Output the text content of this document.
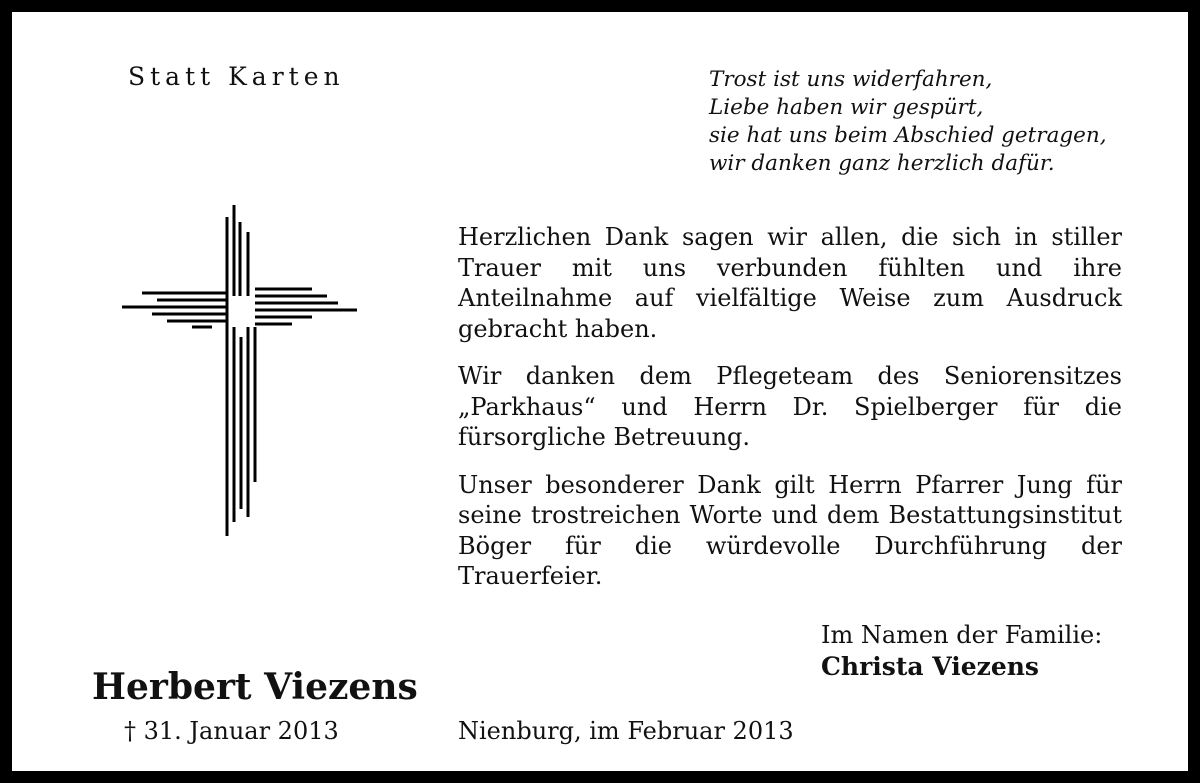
Statt Karten	Trost ist uns widerfahren,
Liebe haben wir gespürt,
sie hat uns beim Abschied getragen,
wir danken ganz herzlich dafür.

Herzlichen Dank sagen wir allen, die sich in stiller Trauer mit uns verbunden fühlten und ihre Anteilnahme auf vielfältige Weise zum Ausdruck gebracht haben.

Wir danken dem Pflegeteam des Seniorensitzes „Parkhaus“ und Herrn Dr. Spielberger für die fürsorgliche Betreuung.

Unser besonderer Dank gilt Herrn Pfarrer Jung für seine trostreichen Worte und dem Bestattungsinstitut Böger für die würdevolle Durchführung der Trauerfeier.

Im Namen der Familie:
Christa Viezens
Herbert Viezens
† 31. Januar 2013	Nienburg, im Februar 2013
